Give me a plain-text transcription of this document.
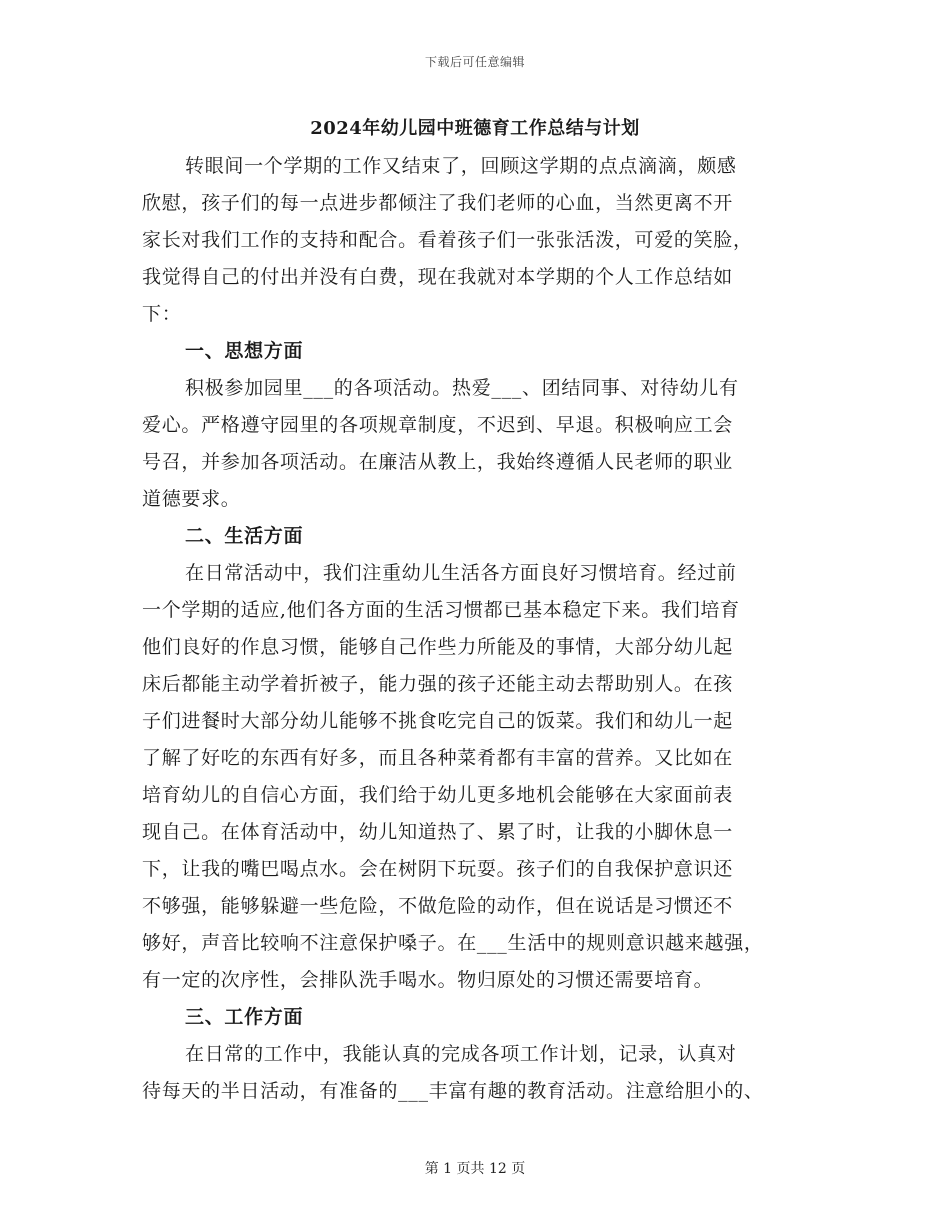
下载后可任意编辑
2024年幼儿园中班德育工作总结与计划
转眼间一个学期的工作又结束了，回顾这学期的点点滴滴，颇感
欣慰，孩子们的每一点进步都倾注了我们老师的心血，当然更离不开
家长对我们工作的支持和配合。看着孩子们一张张活泼，可爱的笑脸，
我觉得自己的付出并没有白费，现在我就对本学期的个人工作总结如
下：
一、思想方面
积极参加园里___的各项活动。热爱___、团结同事、对待幼儿有
爱心。严格遵守园里的各项规章制度，不迟到、早退。积极响应工会
号召，并参加各项活动。在廉洁从教上，我始终遵循人民老师的职业
道德要求。
二、生活方面
在日常活动中，我们注重幼儿生活各方面良好习惯培育。经过前
一个学期的适应,他们各方面的生活习惯都已基本稳定下来。我们培育
他们良好的作息习惯，能够自己作些力所能及的事情，大部分幼儿起
床后都能主动学着折被子，能力强的孩子还能主动去帮助别人。在孩
子们进餐时大部分幼儿能够不挑食吃完自己的饭菜。我们和幼儿一起
了解了好吃的东西有好多，而且各种菜肴都有丰富的营养。又比如在
培育幼儿的自信心方面，我们给于幼儿更多地机会能够在大家面前表
现自己。在体育活动中，幼儿知道热了、累了时，让我的小脚休息一
下，让我的嘴巴喝点水。会在树阴下玩耍。孩子们的自我保护意识还
不够强，能够躲避一些危险，不做危险的动作，但在说话是习惯还不
够好，声音比较响不注意保护嗓子。在___生活中的规则意识越来越强，
有一定的次序性，会排队洗手喝水。物归原处的习惯还需要培育。
三、工作方面
在日常的工作中，我能认真的完成各项工作计划，记录，认真对
待每天的半日活动，有准备的___丰富有趣的教育活动。注意给胆小的、
第 1 页共 12 页
